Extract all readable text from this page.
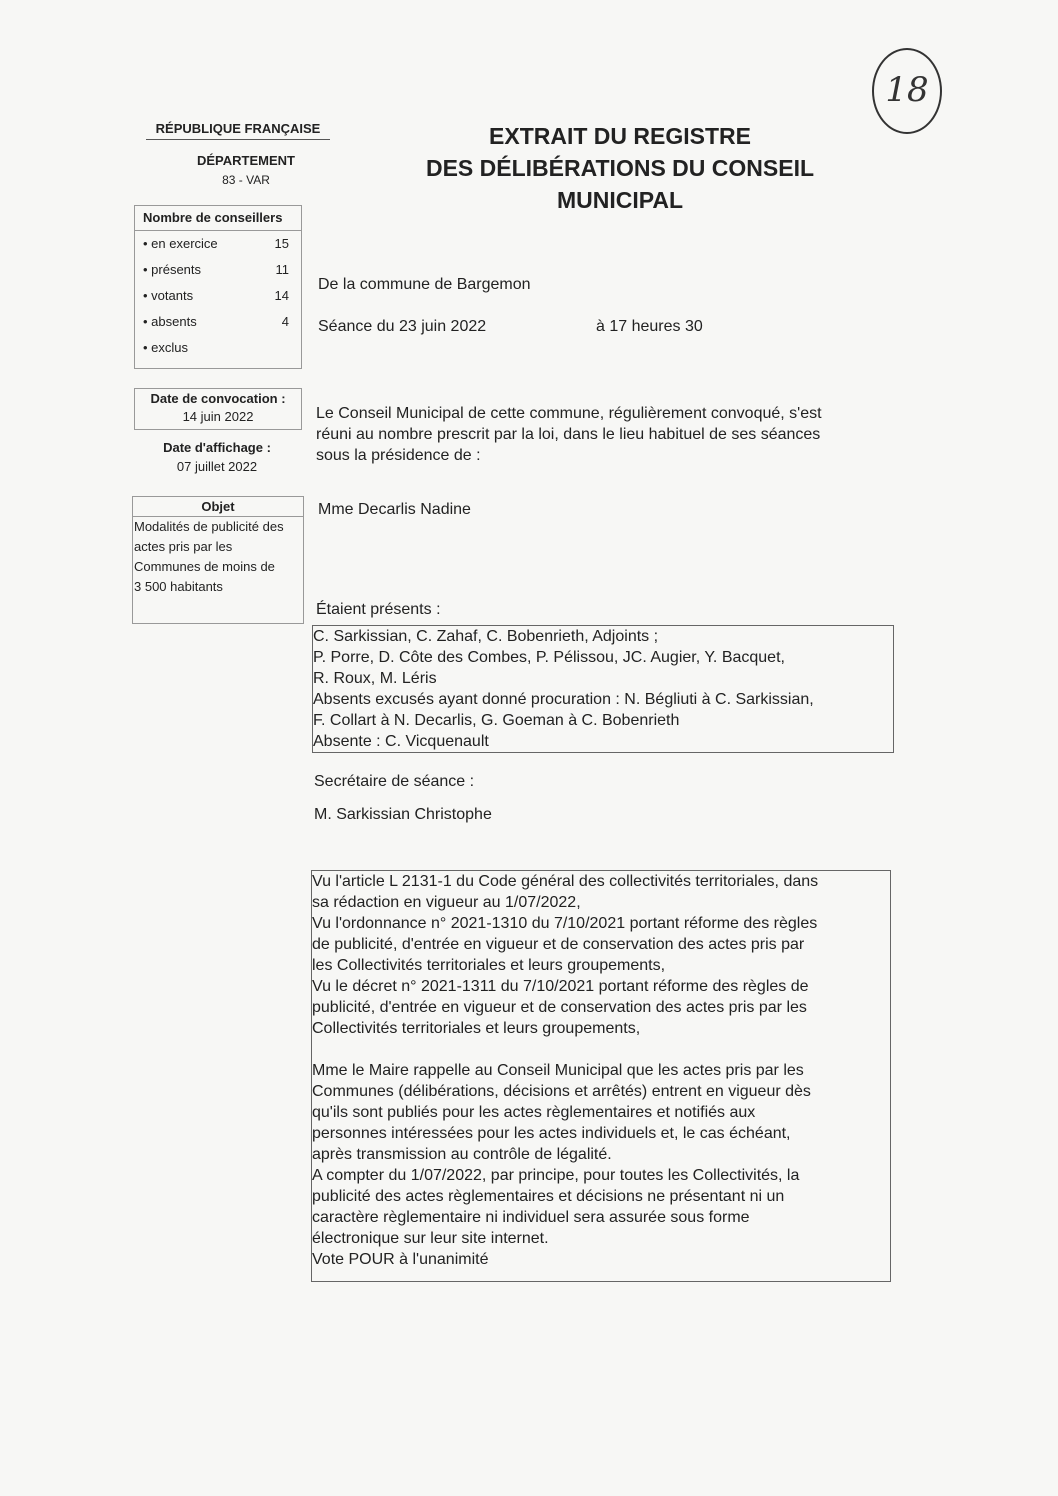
18
RÉPUBLIQUE FRANÇAISE
DÉPARTEMENT
83 - VAR
EXTRAIT DU REGISTRE
DES DÉLIBÉRATIONS DU CONSEIL
MUNICIPAL
Nombre de conseillers
• en exercice	15
• présents	11
• votants	14
• absents	4
• exclus
Date de convocation :
14 juin 2022
Date d'affichage :
07 juillet 2022
Objet
Modalités de publicité des
actes pris par les
Communes de moins de
3 500 habitants
De la commune de Bargemon
Séance du 23 juin 2022	à 17 heures 30
Le Conseil Municipal de cette commune, régulièrement convoqué, s'est
réuni au nombre prescrit par la loi, dans le lieu habituel de ses séances
sous la présidence de :
Mme Decarlis Nadine
Étaient présents :
C. Sarkissian, C. Zahaf, C. Bobenrieth, Adjoints ;
P. Porre, D. Côte des Combes, P. Pélissou, JC. Augier, Y. Bacquet,
R. Roux, M. Léris
Absents excusés ayant donné procuration : N. Bégliuti à C. Sarkissian,
F. Collart à N. Decarlis, G. Goeman à C. Bobenrieth
Absente : C. Vicquenault
Secrétaire de séance :
M. Sarkissian Christophe
Vu l'article L 2131-1 du Code général des collectivités territoriales, dans
sa rédaction en vigueur au 1/07/2022,
Vu l'ordonnance n° 2021-1310 du 7/10/2021 portant réforme des règles
de publicité, d'entrée en vigueur et de conservation des actes pris par
les Collectivités territoriales et leurs groupements,
Vu le décret n° 2021-1311 du 7/10/2021 portant réforme des règles de
publicité, d'entrée en vigueur et de conservation des actes pris par les
Collectivités territoriales et leurs groupements,
Mme le Maire rappelle au Conseil Municipal que les actes pris par les
Communes (délibérations, décisions et arrêtés) entrent en vigueur dès
qu'ils sont publiés pour les actes règlementaires et notifiés aux
personnes intéressées pour les actes individuels et, le cas échéant,
après transmission au contrôle de légalité.
A compter du 1/07/2022, par principe, pour toutes les Collectivités, la
publicité des actes règlementaires et décisions ne présentant ni un
caractère règlementaire ni individuel sera assurée sous forme
électronique sur leur site internet.
Vote POUR à l'unanimité
